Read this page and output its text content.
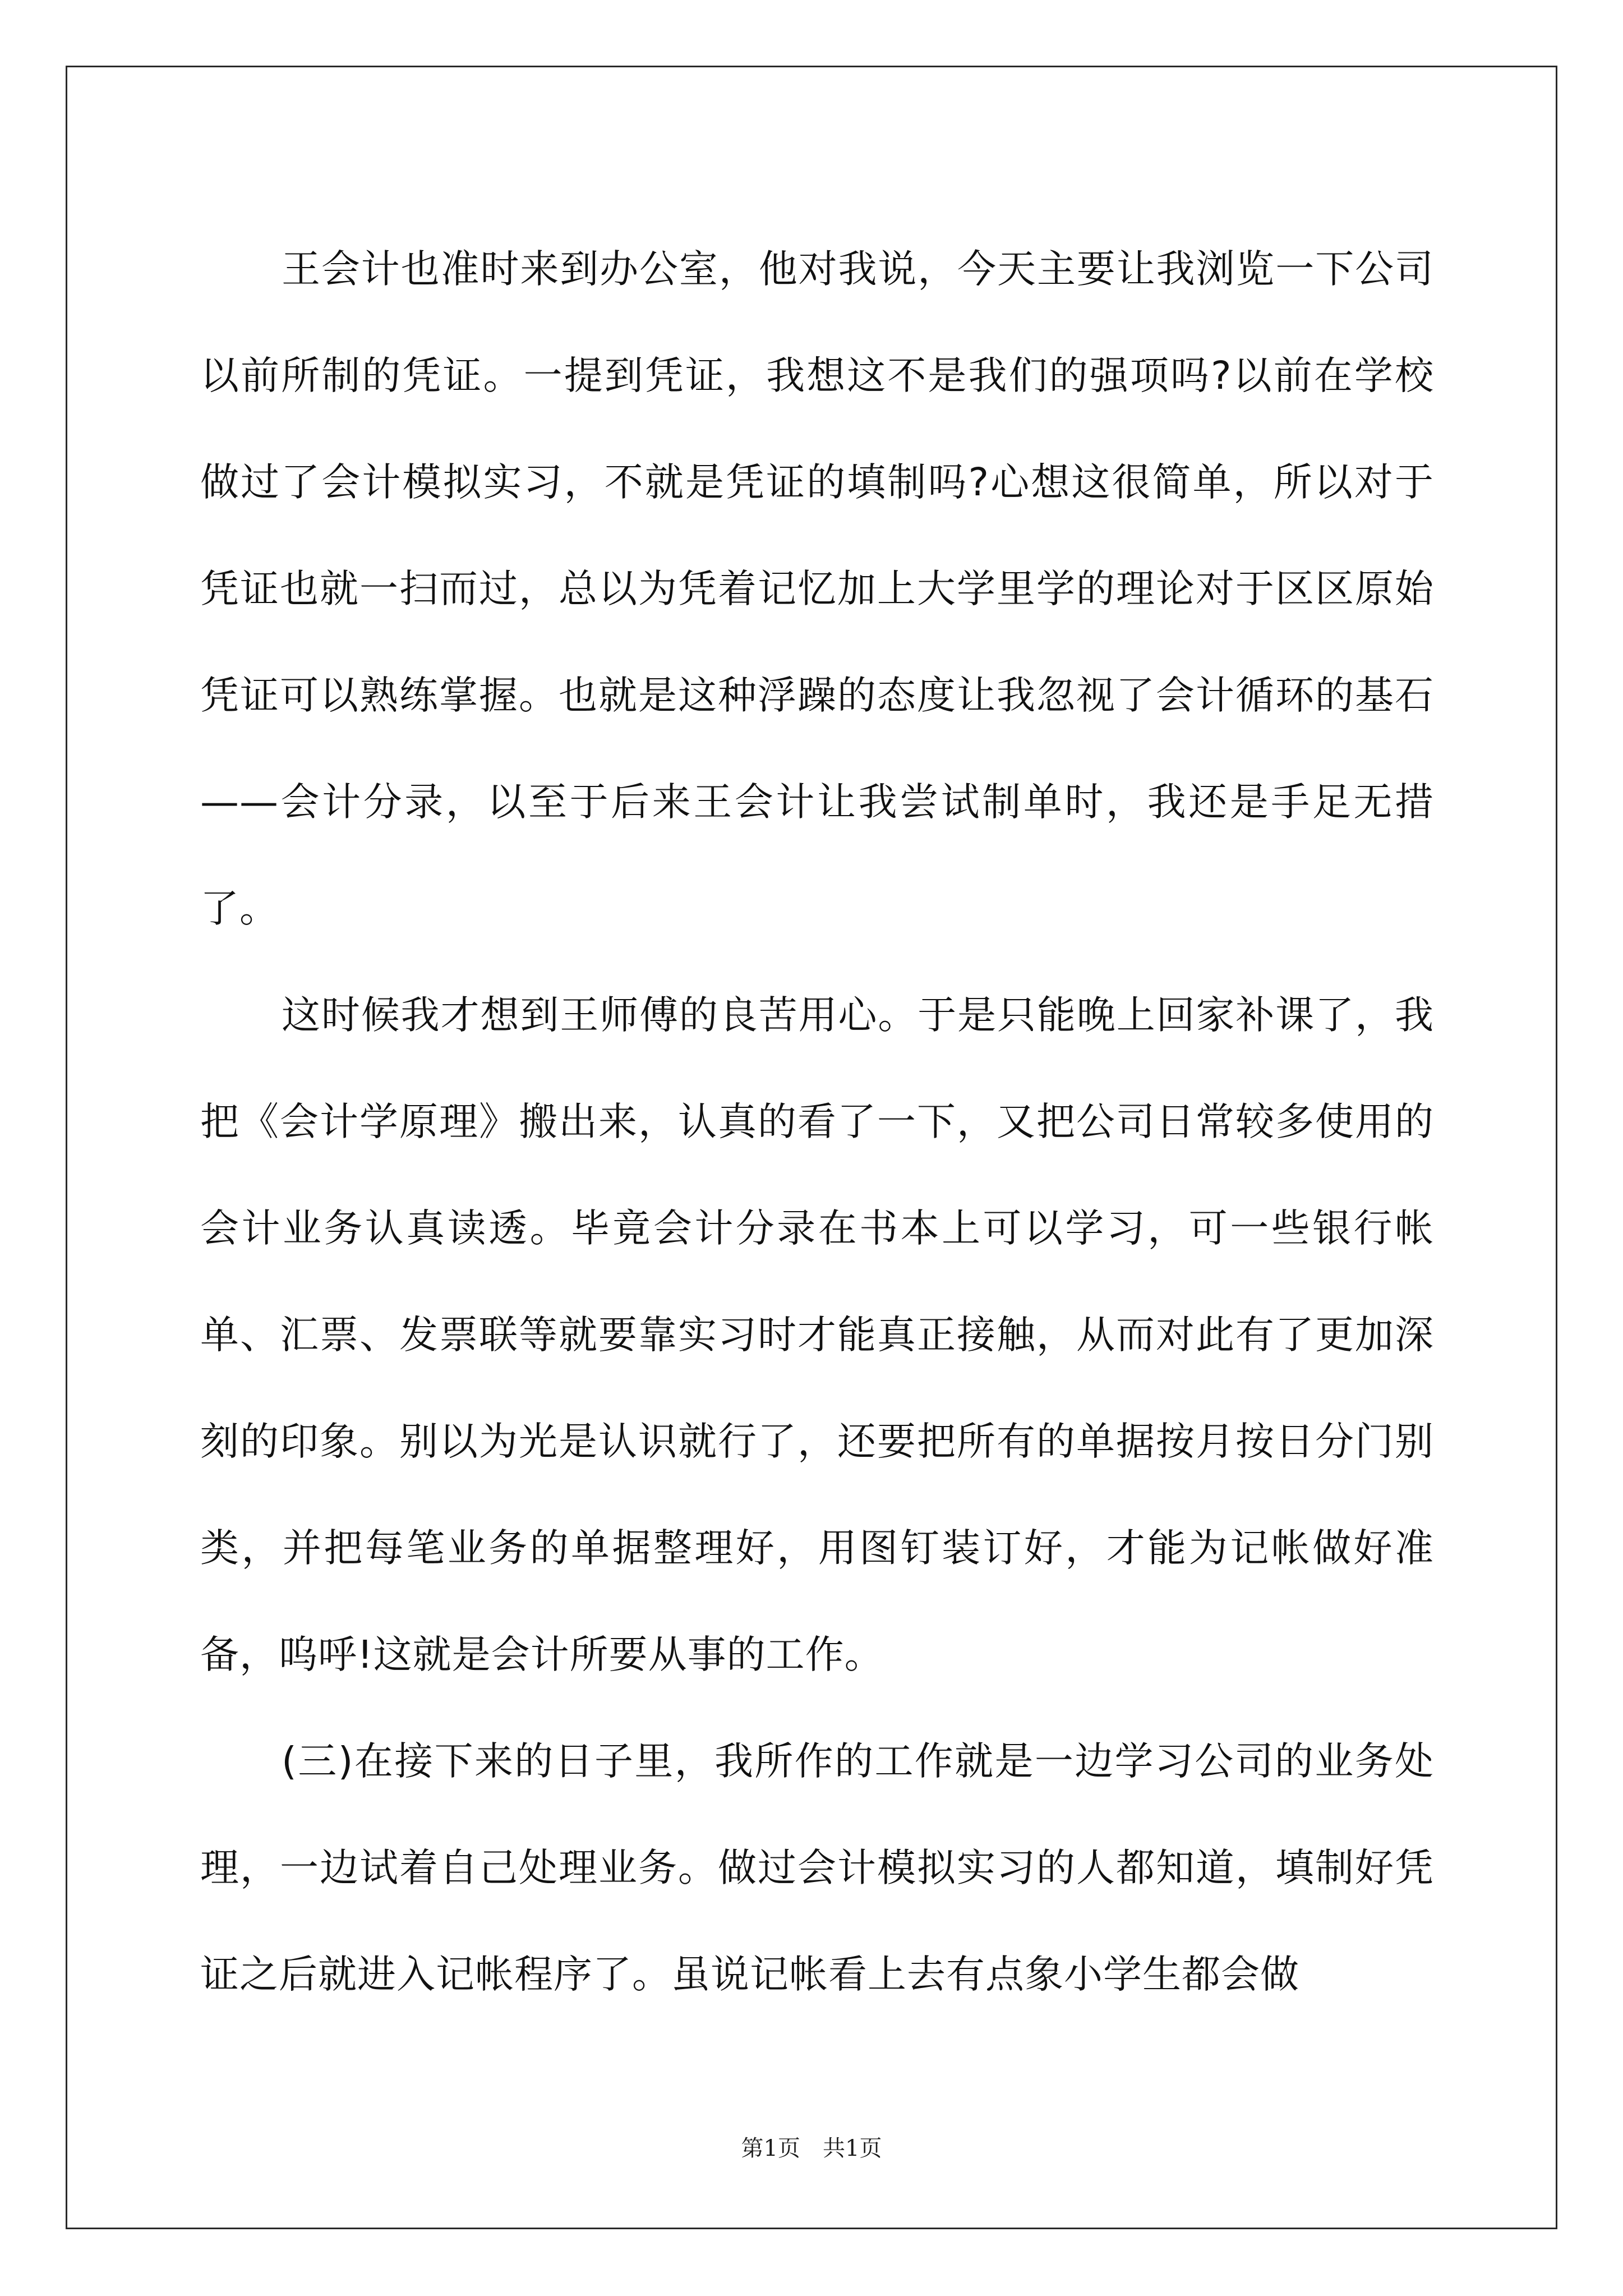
王会计也准时来到办公室，他对我说，今天主要让我浏览一下公司以前所制的凭证。一提到凭证，我想这不是我们的强项吗?以前在学校做过了会计模拟实习，不就是凭证的填制吗?心想这很简单，所以对于凭证也就一扫而过，总以为凭着记忆加上大学里学的理论对于区区原始凭证可以熟练掌握。也就是这种浮躁的态度让我忽视了会计循环的基石——会计分录，以至于后来王会计让我尝试制单时，我还是手足无措了。

这时候我才想到王师傅的良苦用心。于是只能晚上回家补课了，我把《会计学原理》搬出来，认真的看了一下，又把公司日常较多使用的会计业务认真读透。毕竟会计分录在书本上可以学习，可一些银行帐单、汇票、发票联等就要靠实习时才能真正接触，从而对此有了更加深刻的印象。别以为光是认识就行了，还要把所有的单据按月按日分门别类，并把每笔业务的单据整理好，用图钉装订好，才能为记帐做好准备，呜呼!这就是会计所要从事的工作。

(三)在接下来的日子里，我所作的工作就是一边学习公司的业务处理，一边试着自己处理业务。做过会计模拟实习的人都知道，填制好凭证之后就进入记帐程序了。虽说记帐看上去有点象小学生都会做

第1页 共1页
